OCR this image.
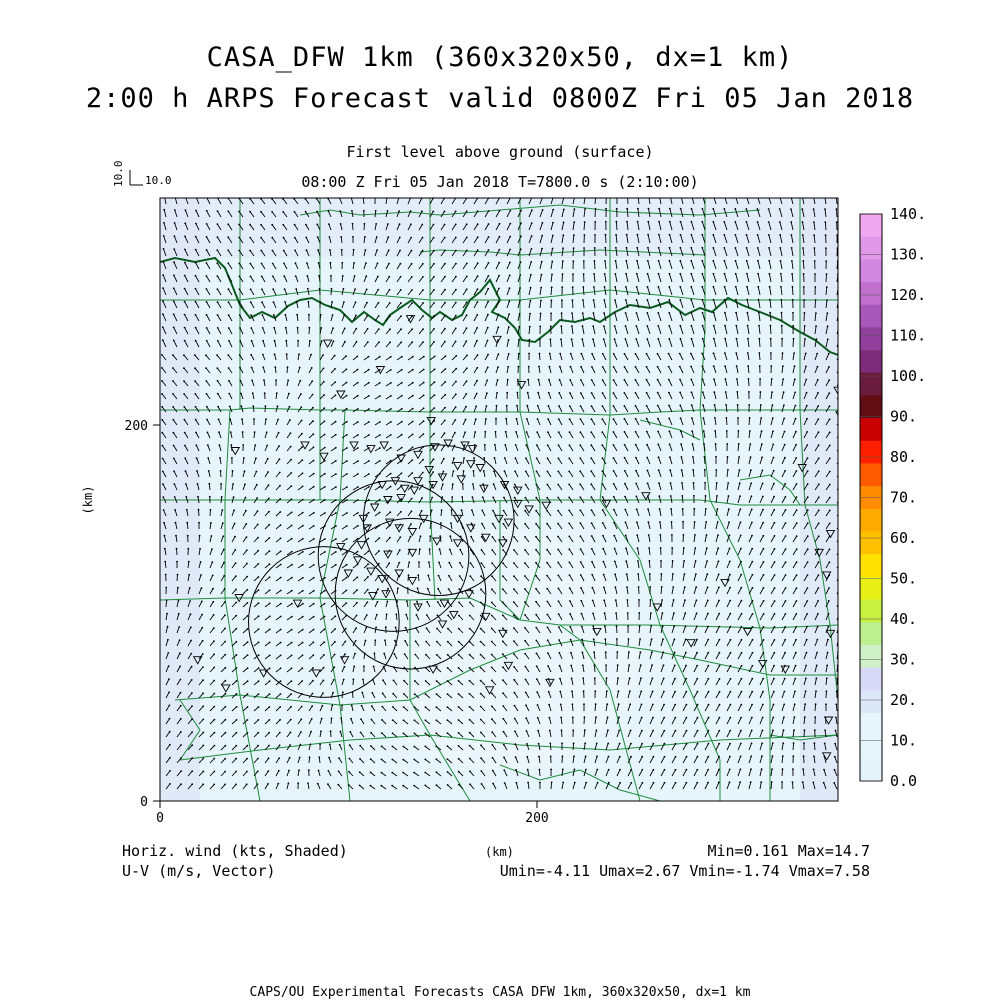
CASA_DFW 1km (360x320x50, dx=1 km)
2:00 h ARPS Forecast valid 0800Z Fri 05 Jan 2018
First level above ground (surface)
08:00 Z Fri 05 Jan 2018 T=7800.0 s (2:10:00)
10.0 10.0
0	200
0
200
(km)
140.
130.
120.
110.
100.
90.
80.
70.
60.
50.
40.
30.
20.
10.
0.0
Horiz. wind (kts, Shaded)
U-V (m/s, Vector)
(km)	Min=0.161 Max=14.7
Umin=-4.11 Umax=2.67 Vmin=-1.74 Vmax=7.58
CAPS/OU Experimental Forecasts CASA DFW 1km, 360x320x50, dx=1 km
